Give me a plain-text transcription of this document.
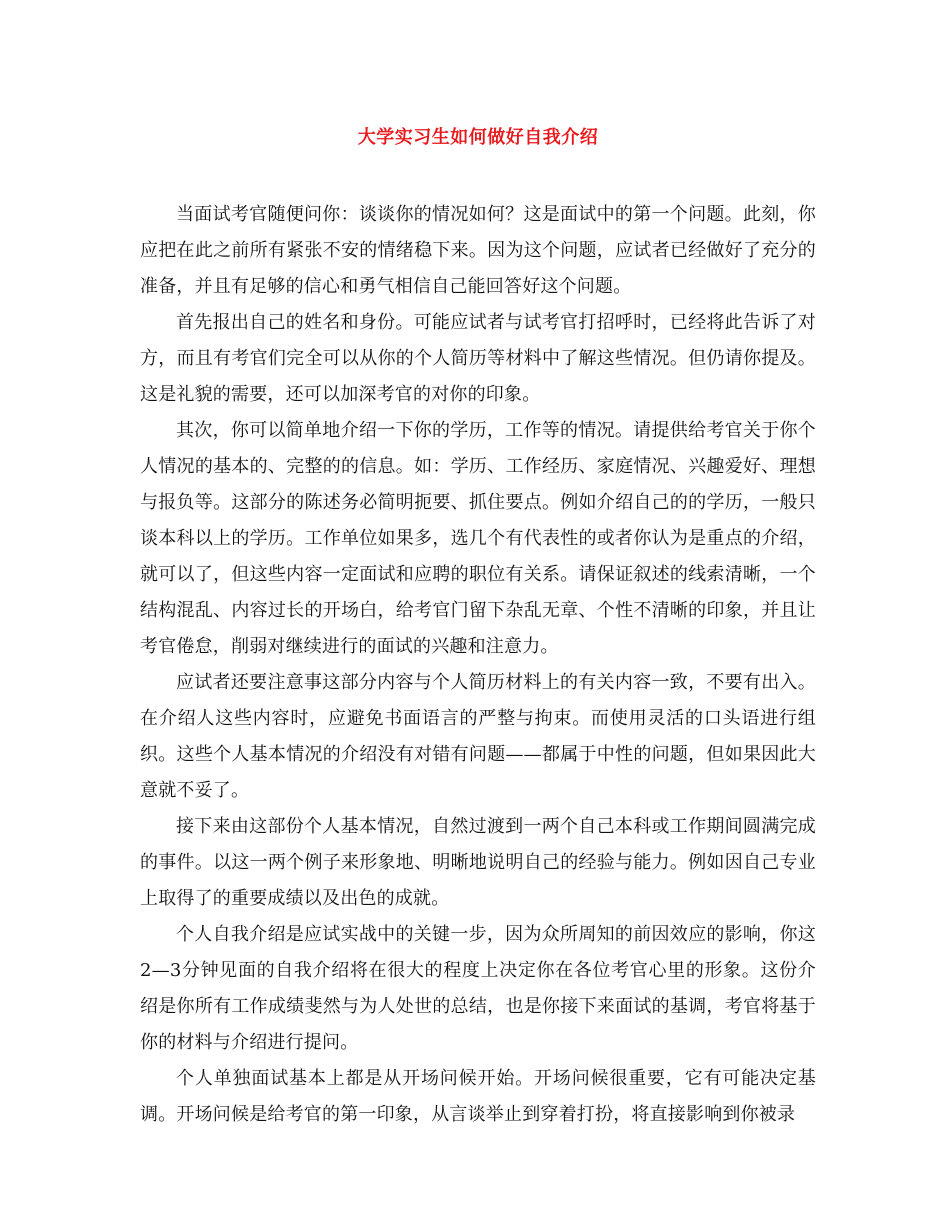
大学实习生如何做好自我介绍

当面试考官随便问你：谈谈你的情况如何？这是面试中的第一个问题。此刻，你应把在此之前所有紧张不安的情绪稳下来。因为这个问题，应试者已经做好了充分的准备，并且有足够的信心和勇气相信自己能回答好这个问题。

首先报出自己的姓名和身份。可能应试者与试考官打招呼时，已经将此告诉了对方，而且有考官们完全可以从你的个人简历等材料中了解这些情况。但仍请你提及。这是礼貌的需要，还可以加深考官的对你的印象。

其次，你可以简单地介绍一下你的学历，工作等的情况。请提供给考官关于你个人情况的基本的、完整的的信息。如：学历、工作经历、家庭情况、兴趣爱好、理想与报负等。这部分的陈述务必简明扼要、抓住要点。例如介绍自己的的学历，一般只谈本科以上的学历。工作单位如果多，选几个有代表性的或者你认为是重点的介绍，就可以了，但这些内容一定面试和应聘的职位有关系。请保证叙述的线索清晰，一个结构混乱、内容过长的开场白，给考官门留下杂乱无章、个性不清晰的印象，并且让考官倦怠，削弱对继续进行的面试的兴趣和注意力。

应试者还要注意事这部分内容与个人简历材料上的有关内容一致，不要有出入。在介绍人这些内容时，应避免书面语言的严整与拘束。而使用灵活的口头语进行组织。这些个人基本情况的介绍没有对错有问题——都属于中性的问题，但如果因此大意就不妥了。

接下来由这部份个人基本情况，自然过渡到一两个自己本科或工作期间圆满完成的事件。以这一两个例子来形象地、明晰地说明自己的经验与能力。例如因自己专业上取得了的重要成绩以及出色的成就。

个人自我介绍是应试实战中的关键一步，因为众所周知的前因效应的影响，你这2—3分钟见面的自我介绍将在很大的程度上决定你在各位考官心里的形象。这份介绍是你所有工作成绩斐然与为人处世的总结，也是你接下来面试的基调，考官将基于你的材料与介绍进行提问。

个人单独面试基本上都是从开场问候开始。开场问候很重要，它有可能决定基调。开场问候是给考官的第一印象，从言谈举止到穿着打扮，将直接影响到你被录
